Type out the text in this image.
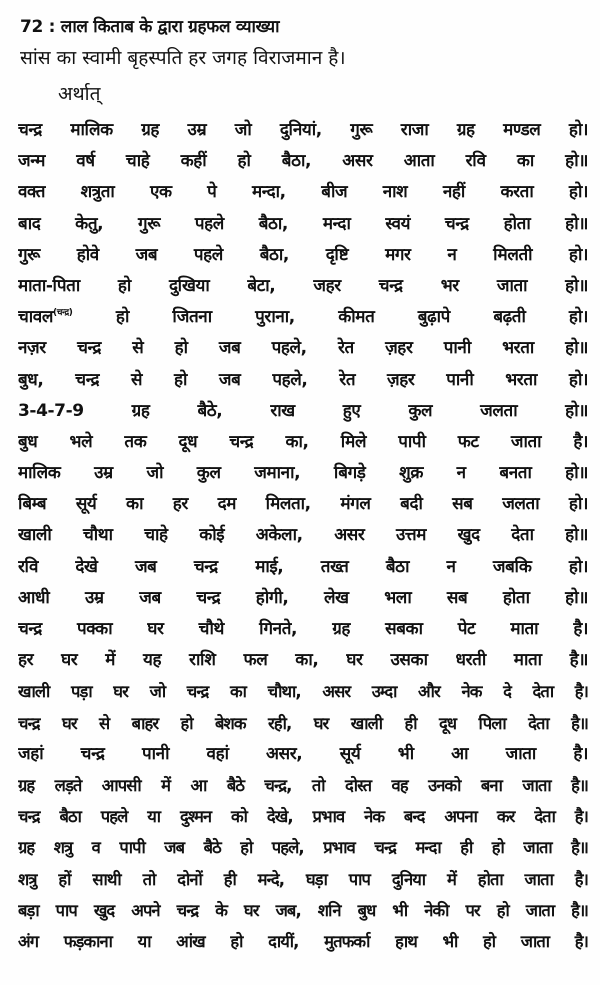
72 : लाल किताब के द्वारा ग्रहफल व्याख्या
सांस का स्वामी बृहस्पति हर जगह विराजमान है।
अर्थात्
चन्द्र मालिक ग्रह उम्र जो दुनियां, गुरू राजा ग्रह मण्डल हो।
जन्म वर्ष चाहे कहीं हो बैठा, असर आता रवि का हो॥
वक्त शत्रुता एक पे मन्दा, बीज नाश नहीं करता हो।
बाद केतु, गुरू पहले बैठा, मन्दा स्वयं चन्द्र होता हो॥
गुरू होवे जब पहले बैठा, दृष्टि मगर न मिलती हो।
माता-पिता हो दुखिया बेटा, जहर चन्द्र भर जाता हो॥
चावल$^{(चन्द्र)}$ हो जितना पुराना, कीमत बुढ़ापे बढ़ती हो।
नज़र चन्द्र से हो जब पहले, रेत ज़हर पानी भरता हो॥
बुध, चन्द्र से हो जब पहले, रेत ज़हर पानी भरता हो।
3-4-7-9 ग्रह बैठे, राख हुए कुल जलता हो॥
बुध भले तक दूध चन्द्र का, मिले पापी फट जाता है।
मालिक उम्र जो कुल जमाना, बिगड़े शुक्र न बनता हो॥
बिम्ब सूर्य का हर दम मिलता, मंगल बदी सब जलता हो।
खाली चौथा चाहे कोई अकेला, असर उत्तम खुद देता हो॥
रवि देखे जब चन्द्र माई, तख्त बैठा न जबकि हो।
आधी उम्र जब चन्द्र होगी, लेख भला सब होता हो॥
चन्द्र पक्का घर चौथे गिनते, ग्रह सबका पेट माता है।
हर घर में यह राशि फल का, घर उसका धरती माता है॥
खाली पड़ा घर जो चन्द्र का चौथा, असर उम्दा और नेक दे देता है।
चन्द्र घर से बाहर हो बेशक रही, घर खाली ही दूध पिला देता है॥
जहां चन्द्र पानी वहां असर, सूर्य भी आ जाता है।
ग्रह लड़ते आपसी में आ बैठे चन्द्र, तो दोस्त वह उनको बना जाता है॥
चन्द्र बैठा पहले या दुश्मन को देखे, प्रभाव नेक बन्द अपना कर देता है।
ग्रह शत्रु व पापी जब बैठे हो पहले, प्रभाव चन्द्र मन्दा ही हो जाता है॥
शत्रु हों साथी तो दोनों ही मन्दे, घड़ा पाप दुनिया में होता जाता है।
बड़ा पाप खुद अपने चन्द्र के घर जब, शनि बुध भी नेकी पर हो जाता है॥
अंग फड़काना या आंख हो दायीं, मुतफर्का हाथ भी हो जाता है।
